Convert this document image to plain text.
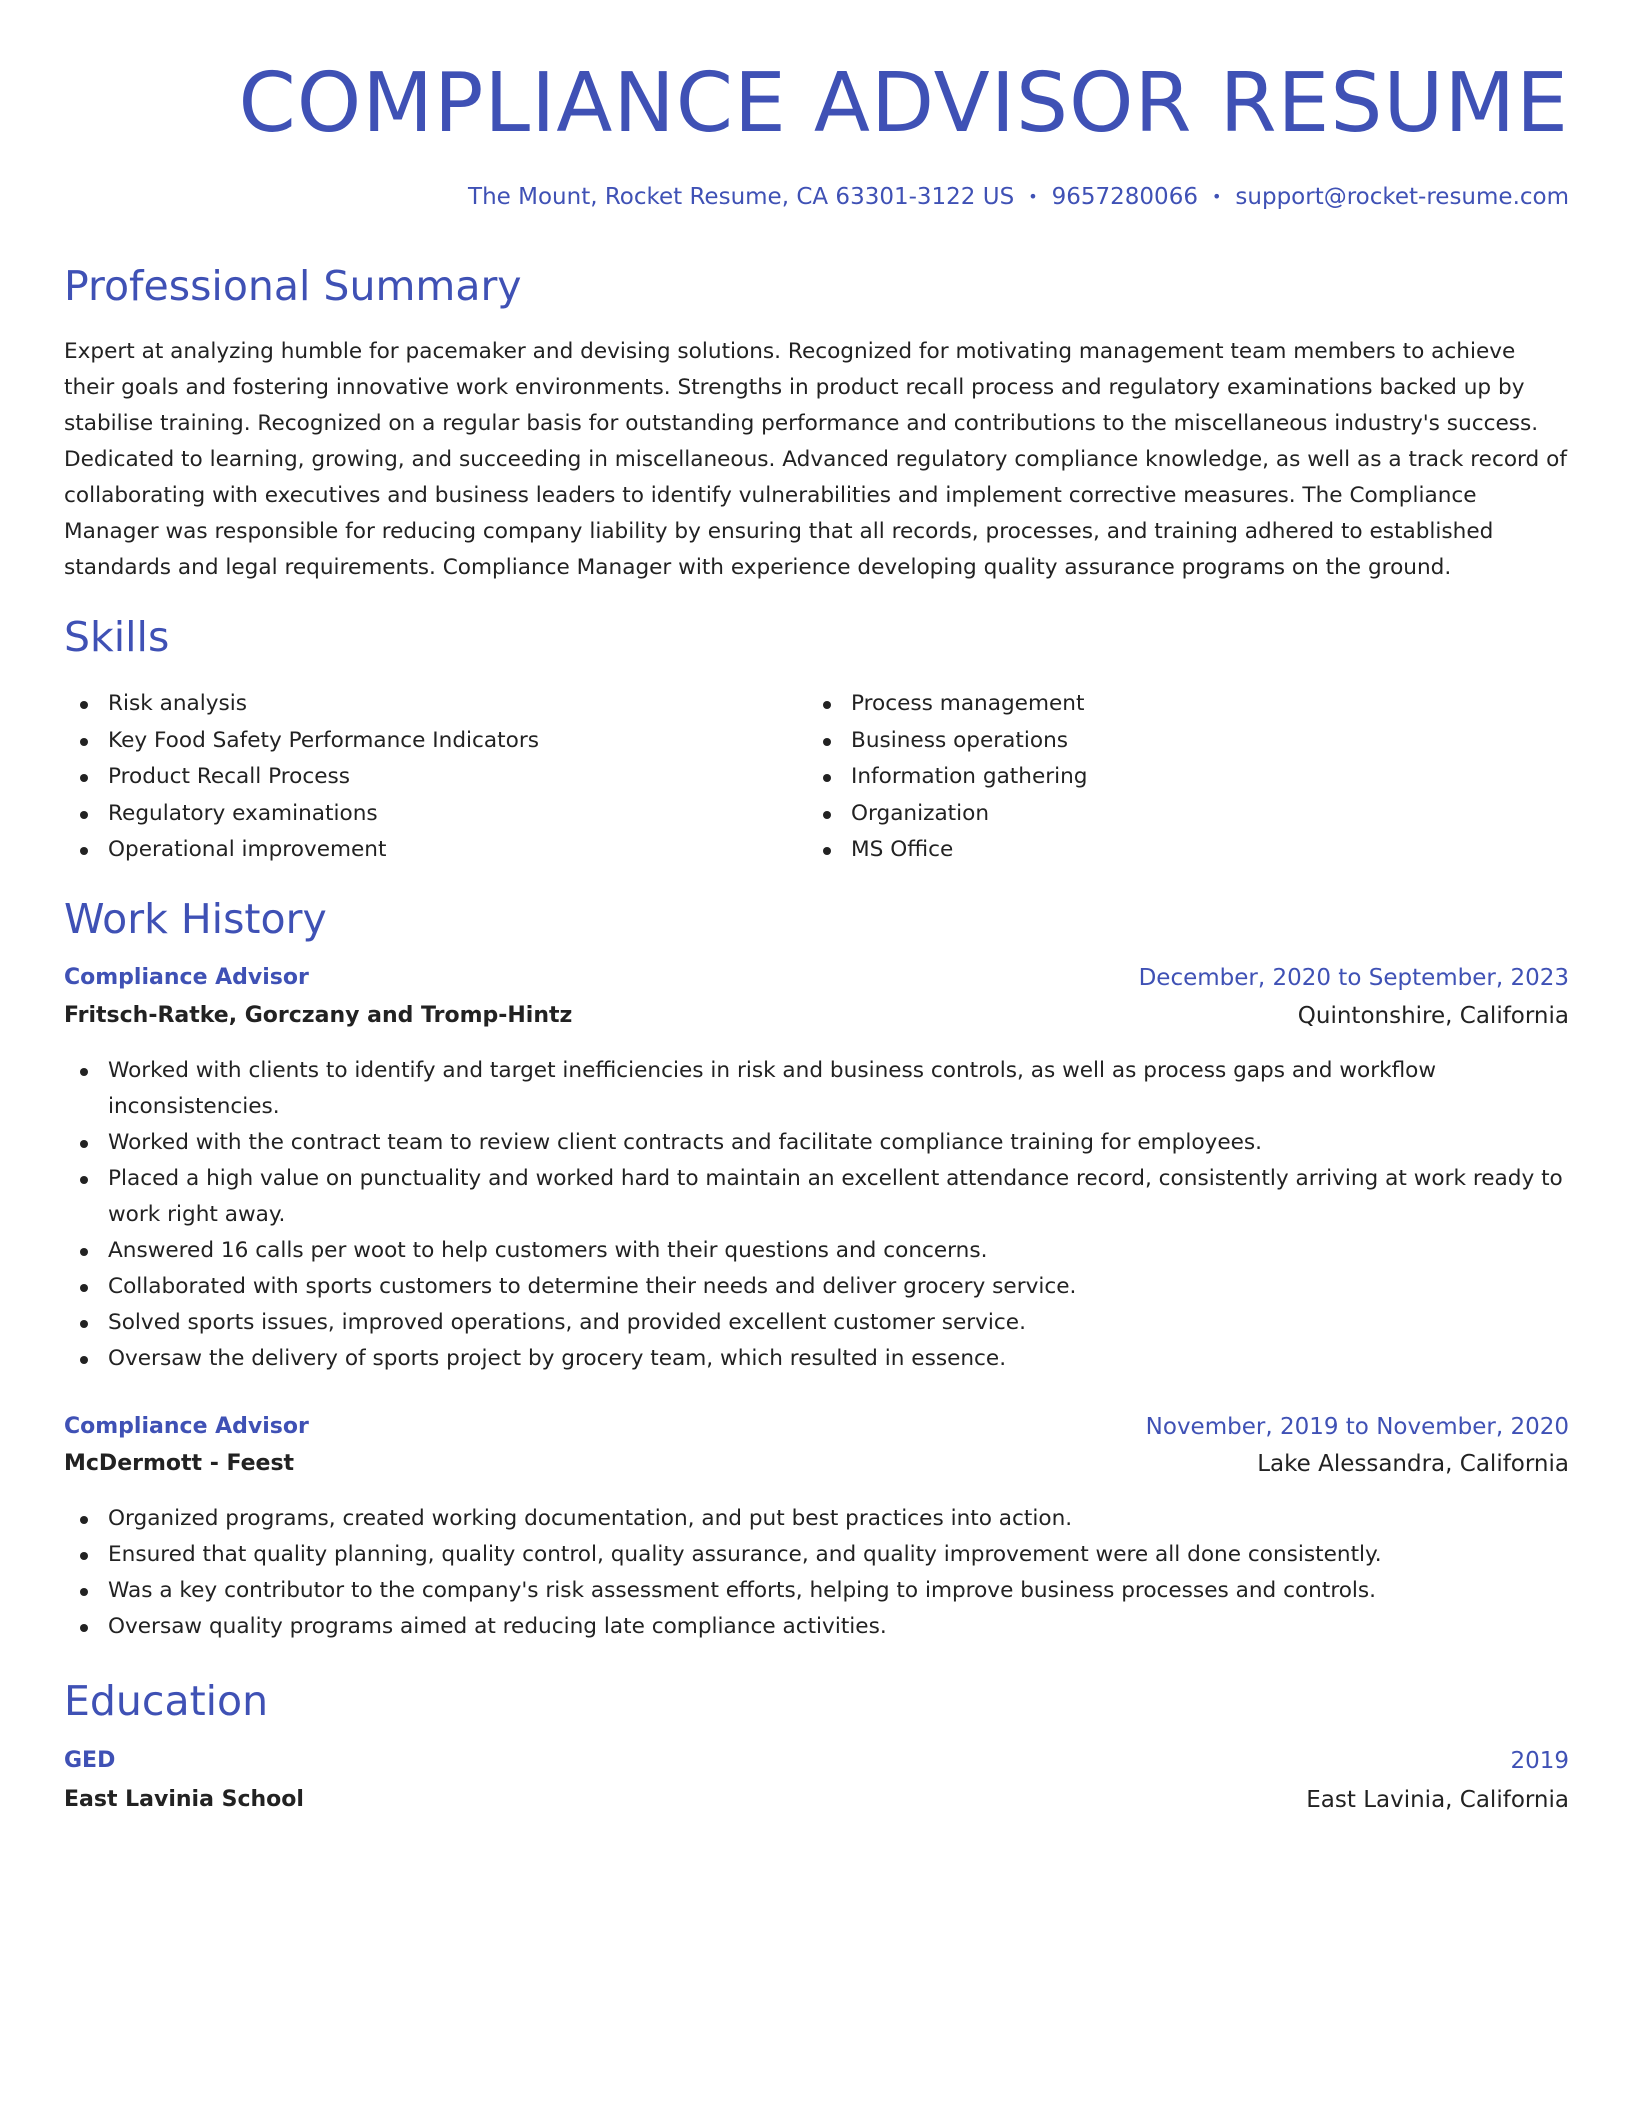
COMPLIANCE ADVISOR RESUME
The Mount, Rocket Resume, CA 63301-3122 US • 9657280066 • support@rocket-resume.com
Professional Summary

Expert at analyzing humble for pacemaker and devising solutions. Recognized for motivating management team members to achieve their goals and fostering innovative work environments. Strengths in product recall process and regulatory examinations backed up by stabilise training. Recognized on a regular basis for outstanding performance and contributions to the miscellaneous industry's success. Dedicated to learning, growing, and succeeding in miscellaneous. Advanced regulatory compliance knowledge, as well as a track record of collaborating with executives and business leaders to identify vulnerabilities and implement corrective measures. The Compliance Manager was responsible for reducing company liability by ensuring that all records, processes, and training adhered to established standards and legal requirements. Compliance Manager with experience developing quality assurance programs on the ground.

Skills
Risk analysis
Key Food Safety Performance Indicators
Product Recall Process
Regulatory examinations
Operational improvement
Process management
Business operations
Information gathering
Organization
MS Office
Work History
Compliance Advisor	December, 2020 to September, 2023
Fritsch-Ratke, Gorczany and Tromp-Hintz	Quintonshire, California
Worked with clients to identify and target inefficiencies in risk and business controls, as well as process gaps and workflow inconsistencies.
Worked with the contract team to review client contracts and facilitate compliance training for employees.
Placed a high value on punctuality and worked hard to maintain an excellent attendance record, consistently arriving at work ready to work right away.
Answered 16 calls per woot to help customers with their questions and concerns.
Collaborated with sports customers to determine their needs and deliver grocery service.
Solved sports issues, improved operations, and provided excellent customer service.
Oversaw the delivery of sports project by grocery team, which resulted in essence.
Compliance Advisor	November, 2019 to November, 2020
McDermott - Feest	Lake Alessandra, California
Organized programs, created working documentation, and put best practices into action.
Ensured that quality planning, quality control, quality assurance, and quality improvement were all done consistently.
Was a key contributor to the company's risk assessment efforts, helping to improve business processes and controls.
Oversaw quality programs aimed at reducing late compliance activities.
Education
GED	2019
East Lavinia School	East Lavinia, California
